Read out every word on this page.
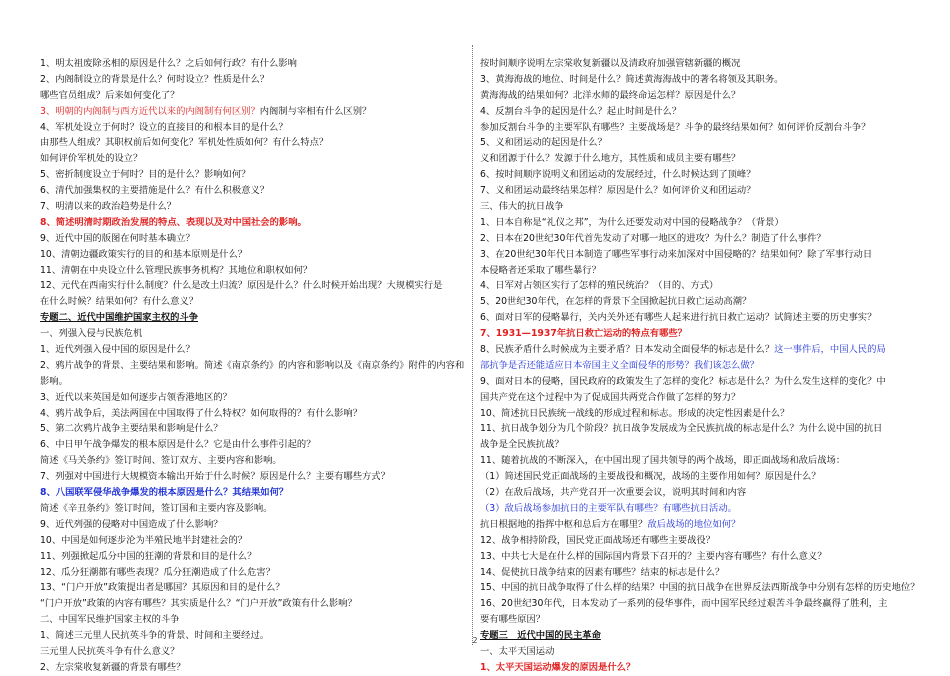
1、明太祖废除丞相的原因是什么？之后如何行政？有什么影响
2、内阁制设立的背景是什么？何时设立？性质是什么？
哪些官员组成？后来如何变化了？
3、明朝的内阁制与西方近代以来的内阁制有何区别？内阁制与宰相有什么区别？
4、军机处设立于何时？设立的直接目的和根本目的是什么？
由那些人组成？其职权前后如何变化？军机处性质如何？有什么特点？
如何评价军机处的设立？
5、密折制度设立于何时？目的是什么？影响如何？
6、清代加强集权的主要措施是什么？有什么积极意义？
7、明清以来的政治趋势是什么？
8、简述明清时期政治发展的特点、表现以及对中国社会的影响。
9、近代中国的版图在何时基本确立？
10、清朝边疆政策实行的目的和基本原则是什么？
11、清朝在中央设立什么管理民族事务机构？其地位和职权如何？
12、元代在西南实行什么制度？什么是改土归流？原因是什么？什么时候开始出现？大规模实行是
在什么时候？结果如何？有什么意义？
专题二、近代中国维护国家主权的斗争
一、列强入侵与民族危机
1、近代列强入侵中国的原因是什么？
2、鸦片战争的背景、主要结果和影响。简述《南京条约》的内容和影响以及《南京条约》附件的内容和
影响。
3、近代以来英国是如何逐步占领香港地区的？
4、鸦片战争后，美法两国在中国取得了什么特权？如何取得的？有什么影响？
5、第二次鸦片战争主要结果和影响是什么？
6、中日甲午战争爆发的根本原因是什么？它是由什么事件引起的？
简述《马关条约》签订时间、签订双方、主要内容和影响。
7、列强对中国进行大规模资本输出开始于什么时候？原因是什么？主要有哪些方式？
8、八国联军侵华战争爆发的根本原因是什么？其结果如何？
简述《辛丑条约》签订时间，签订国和主要内容及影响。
9、近代列强的侵略对中国造成了什么影响？
10、中国是如何逐步沦为半殖民地半封建社会的？
11、列强掀起瓜分中国的狂潮的背景和目的是什么？
12、瓜分狂潮都有哪些表现？瓜分狂潮造成了什么危害？
13、“门户开放”政策提出者是哪国？其原因和目的是什么？
“门户开放”政策的内容有哪些？其实质是什么？“门户开放”政策有什么影响？
二、中国军民维护国家主权的斗争
1、简述三元里人民抗英斗争的背景、时间和主要经过。
三元里人民抗英斗争有什么意义？
2、左宗棠收复新疆的背景有哪些？
按时间顺序说明左宗棠收复新疆以及清政府加强管辖新疆的概况
3、黄海海战的地位、时间是什么？简述黄海海战中的著名将领及其职务。
黄海海战的结果如何？北洋水师的最终命运怎样？原因是什么？
4、反割台斗争的起因是什么？起止时间是什么？
参加反割台斗争的主要军队有哪些？主要战场是？斗争的最终结果如何？如何评价反割台斗争？
5、义和团运动的起因是什么？
义和团源于什么？发源于什么地方，其性质和成员主要有哪些？
6、按时间顺序说明义和团运动的发展经过，什么时候达到了顶峰？
7、义和团运动最终结果怎样？原因是什么？如何评价义和团运动？
三、伟大的抗日战争
1、日本自称是“礼仪之邦”，为什么还要发动对中国的侵略战争？（背景）
2、日本在20世纪30年代首先发动了对哪一地区的进攻？为什么？制造了什么事件？
3、在20世纪30年代日本制造了哪些军事行动来加深对中国侵略的？结果如何？除了军事行动日
本侵略者还采取了哪些暴行？
4、日军对占领区实行了怎样的殖民统治？（目的、方式）
5、20世纪30年代，在怎样的背景下全国掀起抗日救亡运动高潮？
6、面对日军的侵略暴行，关内关外还有哪些人起来进行抗日救亡运动？试简述主要的历史事实？
7、1931—1937年抗日救亡运动的特点有哪些？
8、民族矛盾什么时候成为主要矛盾？日本发动全面侵华的标志是什么？这一事件后，中国人民的局
部抗争是否还能适应日本帝国主义全面侵华的形势？我们该怎么做？
9、面对日本的侵略，国民政府的政策发生了怎样的变化？标志是什么？为什么发生这样的变化？中
国共产党在这个过程中为了促成国共两党合作做了怎样的努力？
10、简述抗日民族统一战线的形成过程和标志。形成的决定性因素是什么？
11、抗日战争划分为几个阶段？抗日战争发展成为全民族抗战的标志是什么？为什么说中国的抗日
战争是全民族抗战？
11、随着抗战的不断深入，在中国出现了国共领导的两个战场，即正面战场和敌后战场：
（1）简述国民党正面战场的主要战役和概况，战场的主要作用如何？原因是什么？
（2）在敌后战场，共产党召开一次重要会议，说明其时间和内容
（3）敌后战场参加抗日的主要军队有哪些？有哪些抗日活动。
抗日根据地的指挥中枢和总后方在哪里？敌后战场的地位如何？
12、战争相持阶段，国民党正面战场还有哪些主要战役？
13、中共七大是在什么样的国际国内背景下召开的？主要内容有哪些？有什么意义？
14、促使抗日战争结束的因素有哪些？结束的标志是什么？
15、中国的抗日战争取得了什么样的结果？中国的抗日战争在世界反法西斯战争中分别有怎样的历史地位？
16、20世纪30年代，日本发动了一系列的侵华事件，而中国军民经过艰苦斗争最终赢得了胜利，主
要有哪些原因？
专题三　近代中国的民主革命
一、太平天国运动
1、太平天国运动爆发的原因是什么？
2
